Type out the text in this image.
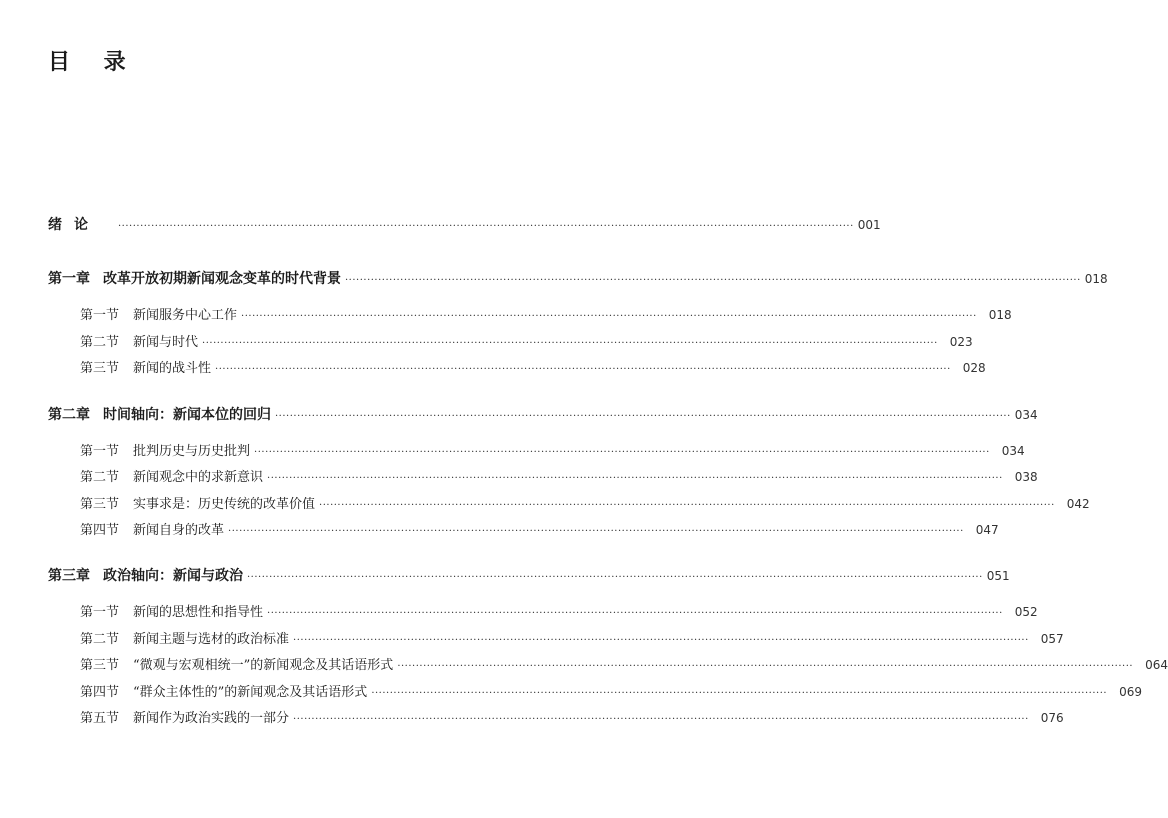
目 录
绪论 ········································································································································································································ 001
第一章 改革开放初期新闻观念变革的时代背景 ········································································································································································································ 018
第一节 新闻服务中心工作 ········································································································································································································ 018
第二节 新闻与时代 ········································································································································································································ 023
第三节 新闻的战斗性 ········································································································································································································ 028
第二章 时间轴向：新闻本位的回归 ········································································································································································································ 034
第一节 批判历史与历史批判 ········································································································································································································ 034
第二节 新闻观念中的求新意识 ········································································································································································································ 038
第三节 实事求是：历史传统的改革价值 ········································································································································································································ 042
第四节 新闻自身的改革 ········································································································································································································ 047
第三章 政治轴向：新闻与政治 ········································································································································································································ 051
第一节 新闻的思想性和指导性 ········································································································································································································ 052
第二节 新闻主题与选材的政治标准 ········································································································································································································ 057
第三节 “微观与宏观相统一”的新闻观念及其话语形式 ········································································································································································································ 064
第四节 “群众主体性的”的新闻观念及其话语形式 ········································································································································································································ 069
第五节 新闻作为政治实践的一部分 ········································································································································································································ 076
